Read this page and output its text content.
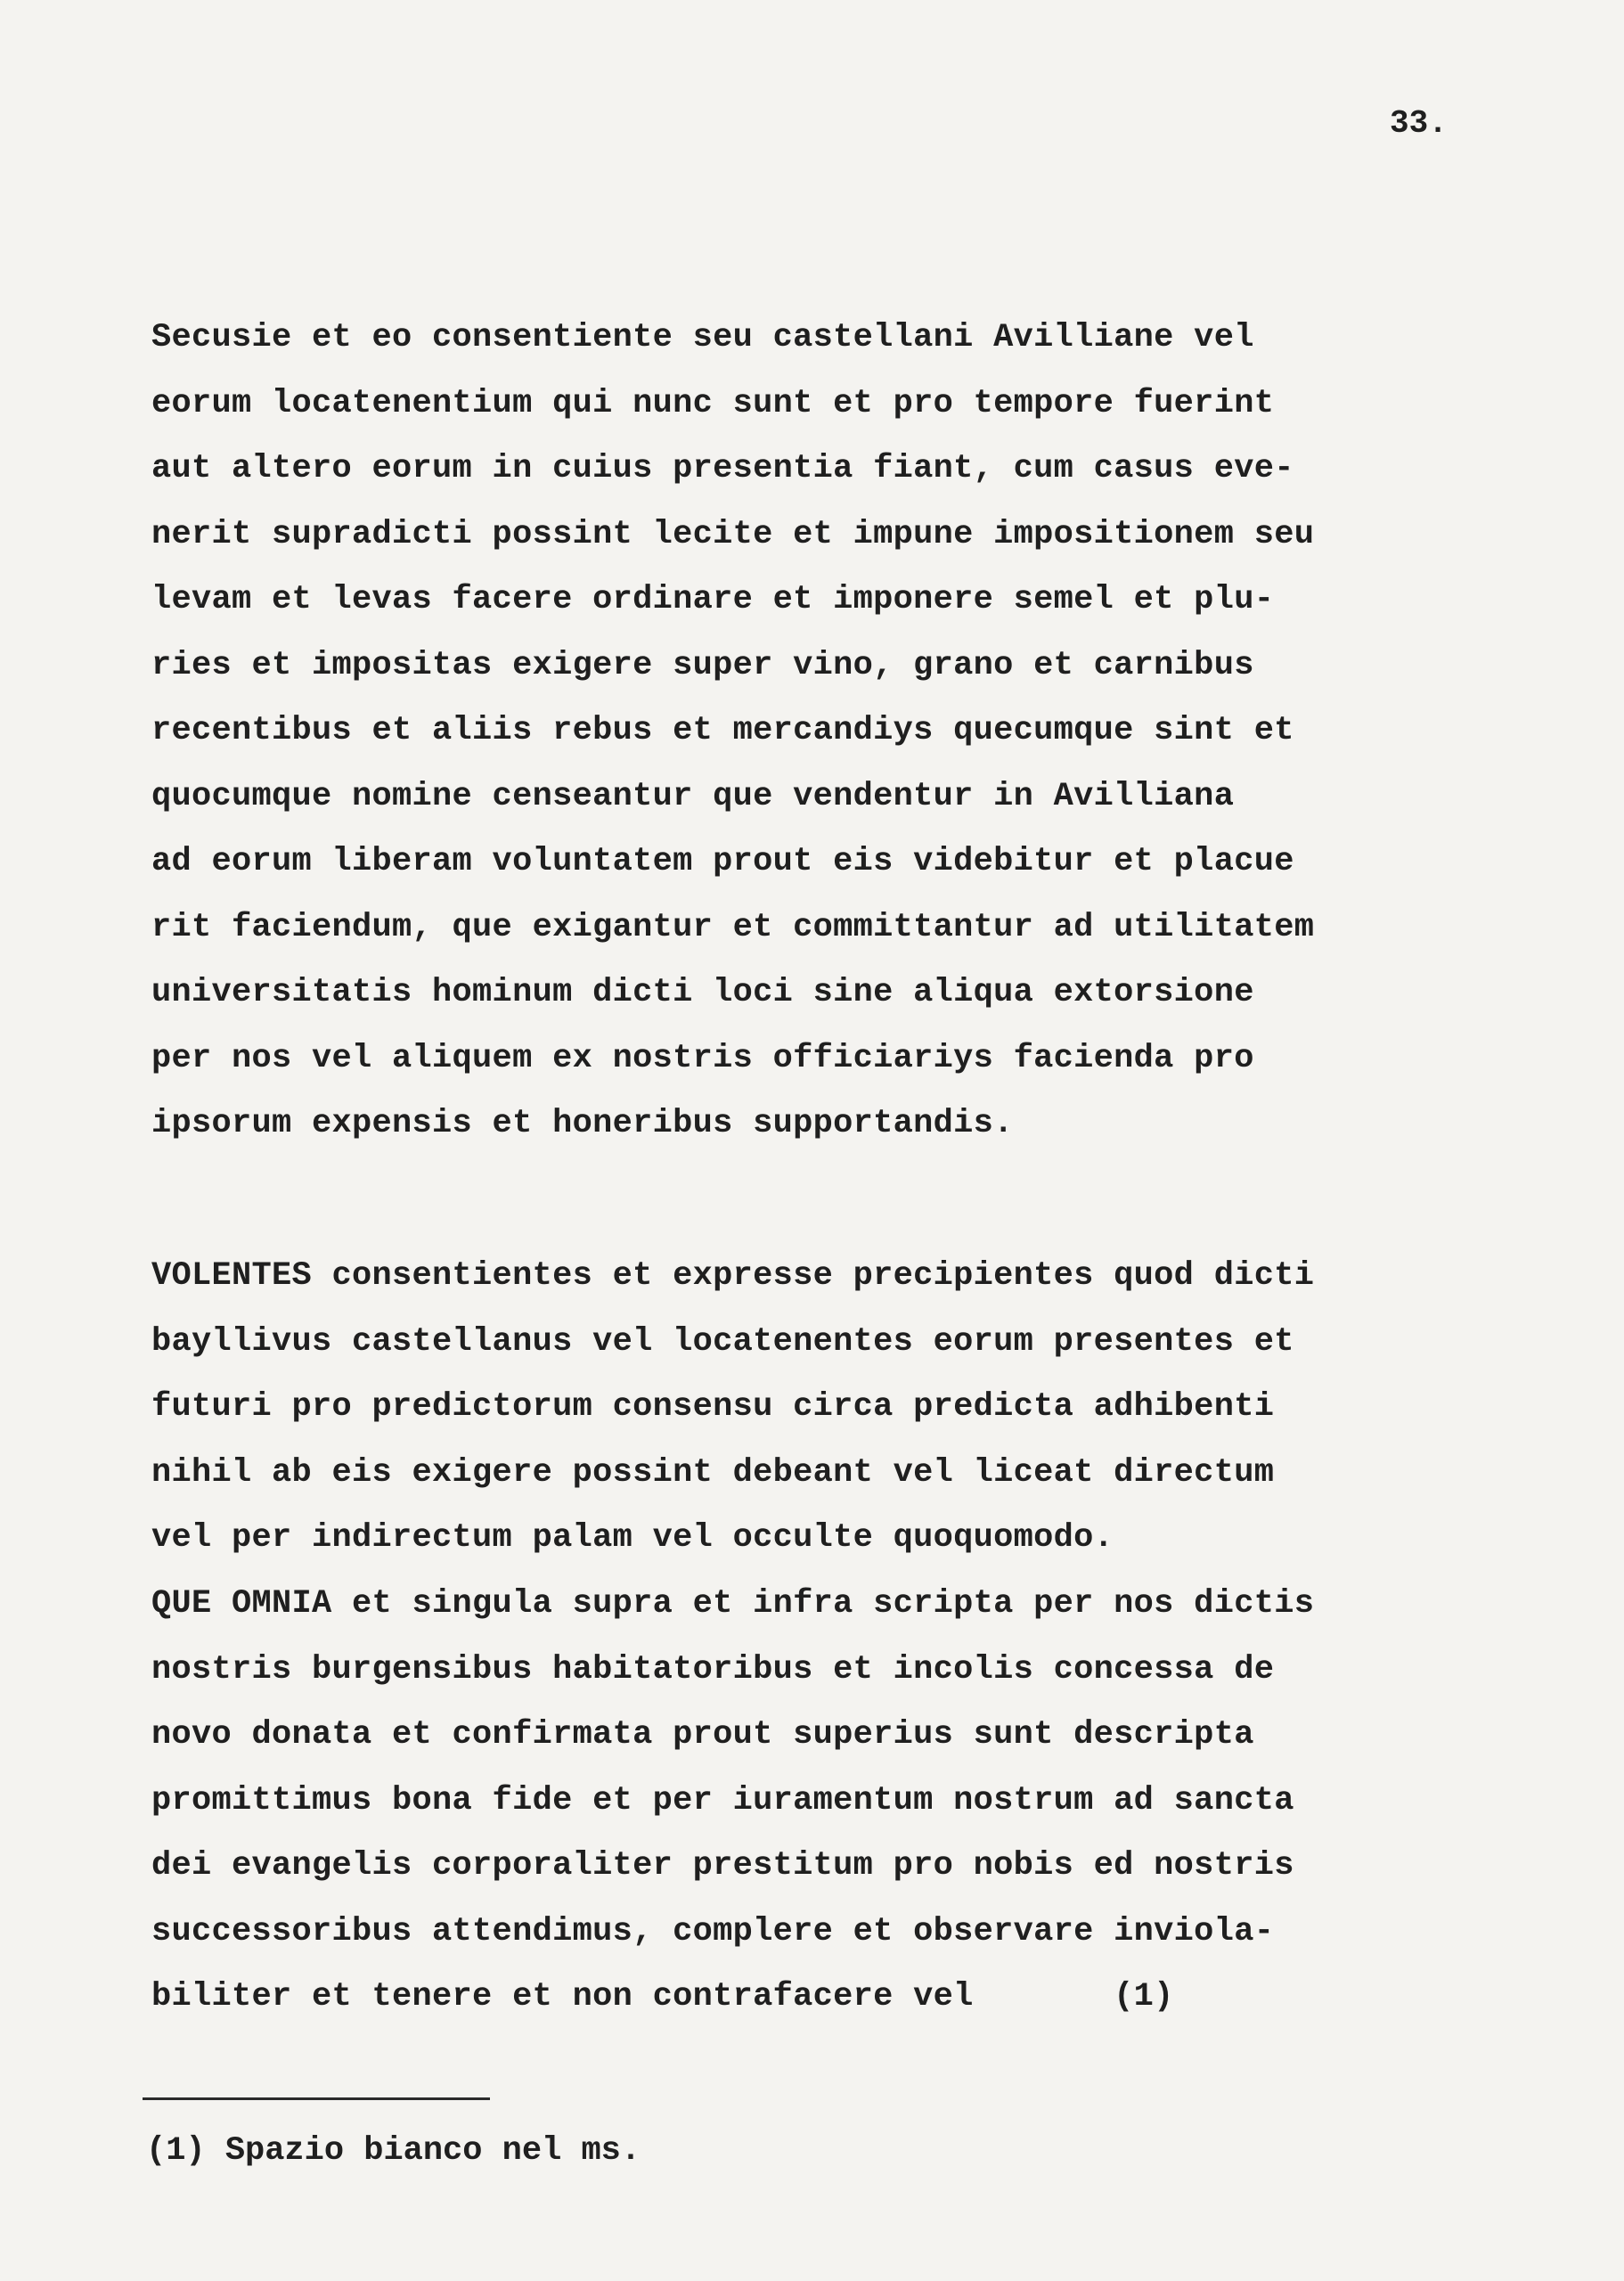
33.
Secusie et eo consentiente seu castellani Avilliane vel
eorum locatenentium qui nunc sunt et pro tempore fuerint
aut altero eorum in cuius presentia fiant, cum casus eve-
nerit supradicti possint lecite et impune impositionem seu
levam et levas facere ordinare et imponere semel et plu-
ries et impositas exigere super vino, grano et carnibus
recentibus et aliis rebus et mercandiys quecumque sint et
quocumque nomine censeantur que vendentur in Avilliana
ad eorum liberam voluntatem prout eis videbitur et placue
rit faciendum, que exigantur et committantur ad utilitatem
universitatis hominum dicti loci sine aliqua extorsione
per nos vel aliquem ex nostris officiariys facienda pro
ipsorum expensis et honeribus supportandis.
VOLENTES consentientes et expresse precipientes quod dicti
bayllivus castellanus vel locatenentes eorum presentes et
futuri pro predictorum consensu circa predicta adhibenti
nihil ab eis exigere possint debeant vel liceat directum
vel per indirectum palam vel occulte quoquomodo.
QUE OMNIA et singula supra et infra scripta per nos dictis
nostris burgensibus habitatoribus et incolis concessa de
novo donata et confirmata prout superius sunt descripta
promittimus bona fide et per iuramentum nostrum ad sancta
dei evangelis corporaliter prestitum pro nobis ed nostris
successoribus attendimus, complere et observare inviola-
biliter et tenere et non contrafacere vel       (1)
(1) Spazio bianco nel ms.
